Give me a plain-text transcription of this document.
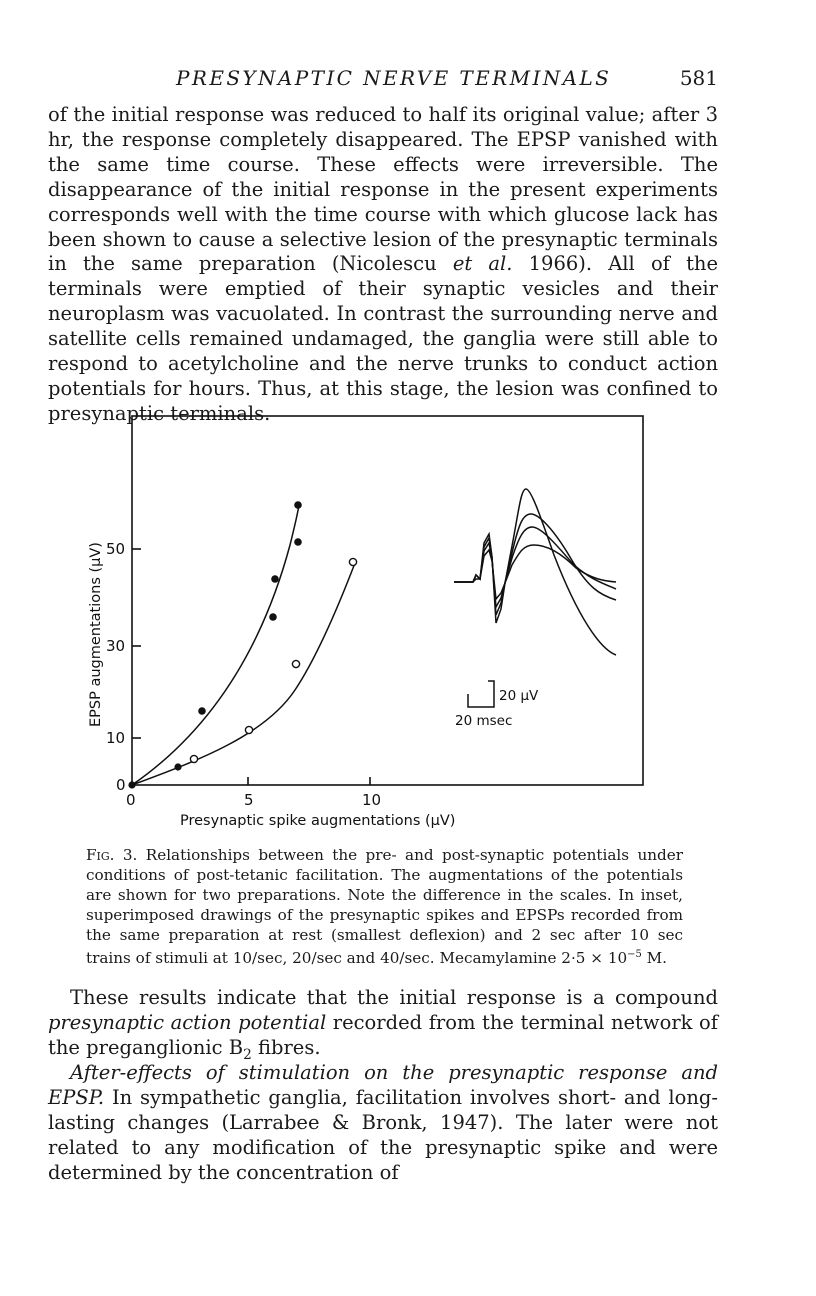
PRESYNAPTIC NERVE TERMINALS	581
of the initial response was reduced to half its original value; after 3 hr, the response completely disappeared. The EPSP vanished with the same time course. These effects were irreversible. The disappearance of the initial response in the present experiments corresponds well with the time course with which glucose lack has been shown to cause a selective lesion of the presynaptic terminals in the same preparation (Nicolescu et al. 1966). All of the terminals were emptied of their synaptic vesicles and their neuroplasm was vacuolated. In contrast the surrounding nerve and satellite cells remained undamaged, the ganglia were still able to respond to acetylcholine and the nerve trunks to conduct action potentials for hours. Thus, at this stage, the lesion was confined to presynaptic terminals.
50
30
10
0
0	5	10
EPSP augmentations (µV)
Presynaptic spike augmentations (µV)
20 µV
20 msec
Fig. 3. Relationships between the pre- and post-synaptic potentials under conditions of post-tetanic facilitation. The augmentations of the potentials are shown for two preparations. Note the difference in the scales. In inset, superimposed drawings of the presynaptic spikes and EPSPs recorded from the same preparation at rest (smallest deflexion) and 2 sec after 10 sec trains of stimuli at 10/sec, 20/sec and 40/sec. Mecamylamine $2\cdot 5 \times 10^{-5}$ M.
These results indicate that the initial response is a compound presynaptic action potential recorded from the terminal network of the preganglionic $B_2$ fibres.
After-effects of stimulation on the presynaptic response and EPSP. In sympathetic ganglia, facilitation involves short- and long-lasting changes (Larrabee & Bronk, 1947). The later were not related to any modification of the presynaptic spike and were determined by the concentration of
